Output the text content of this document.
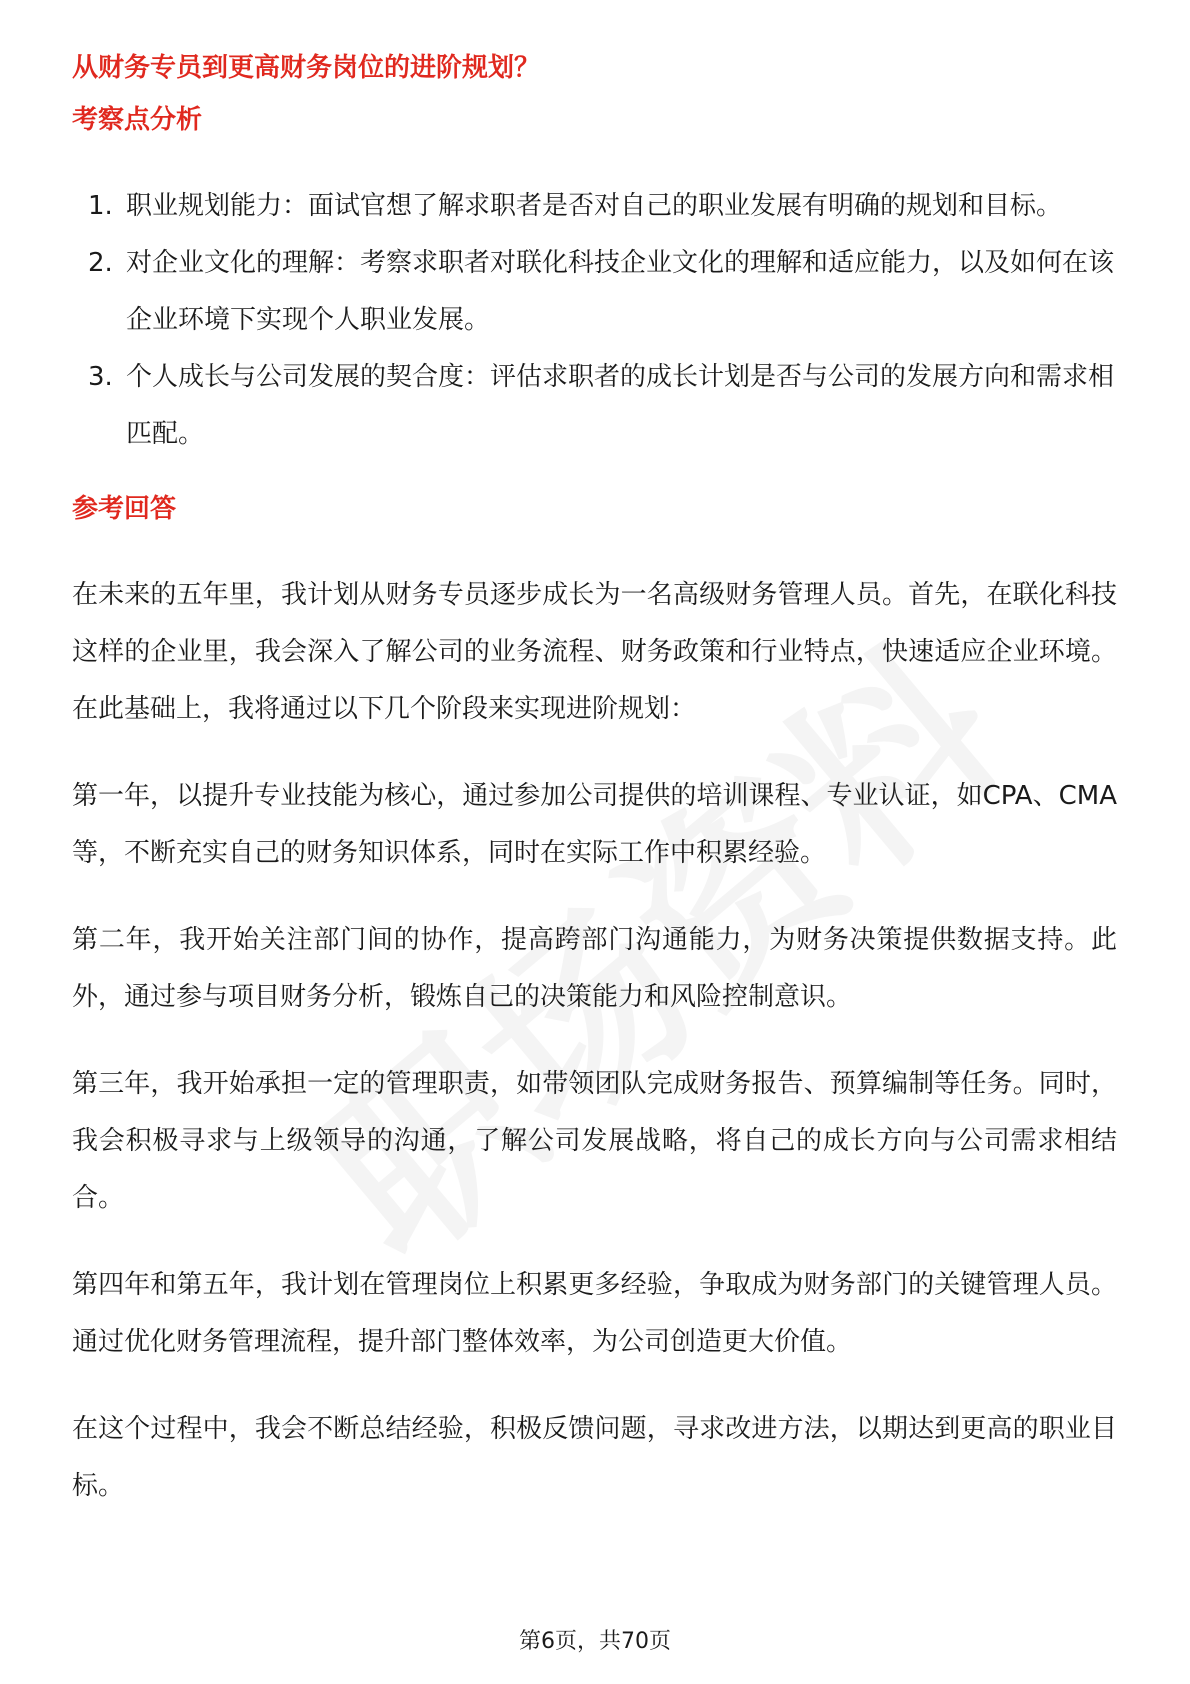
从财务专员到更高财务岗位的进阶规划？
考察点分析
1. 职业规划能力：面试官想了解求职者是否对自己的职业发展有明确的规划和目标。
2. 对企业文化的理解：考察求职者对联化科技企业文化的理解和适应能力，以及如何在该企业环境下实现个人职业发展。
3. 个人成长与公司发展的契合度：评估求职者的成长计划是否与公司的发展方向和需求相匹配。
参考回答

在未来的五年里，我计划从财务专员逐步成长为一名高级财务管理人员。首先，在联化科技这样的企业里，我会深入了解公司的业务流程、财务政策和行业特点，快速适应企业环境。在此基础上，我将通过以下几个阶段来实现进阶规划：

第一年，以提升专业技能为核心，通过参加公司提供的培训课程、专业认证，如CPA、CMA等，不断充实自己的财务知识体系，同时在实际工作中积累经验。

第二年，我开始关注部门间的协作，提高跨部门沟通能力，为财务决策提供数据支持。此外，通过参与项目财务分析，锻炼自己的决策能力和风险控制意识。

第三年，我开始承担一定的管理职责，如带领团队完成财务报告、预算编制等任务。同时，我会积极寻求与上级领导的沟通，了解公司发展战略，将自己的成长方向与公司需求相结合。

第四年和第五年，我计划在管理岗位上积累更多经验，争取成为财务部门的关键管理人员。通过优化财务管理流程，提升部门整体效率，为公司创造更大价值。

在这个过程中，我会不断总结经验，积极反馈问题，寻求改进方法，以期达到更高的职业目标。

第6页，共70页
